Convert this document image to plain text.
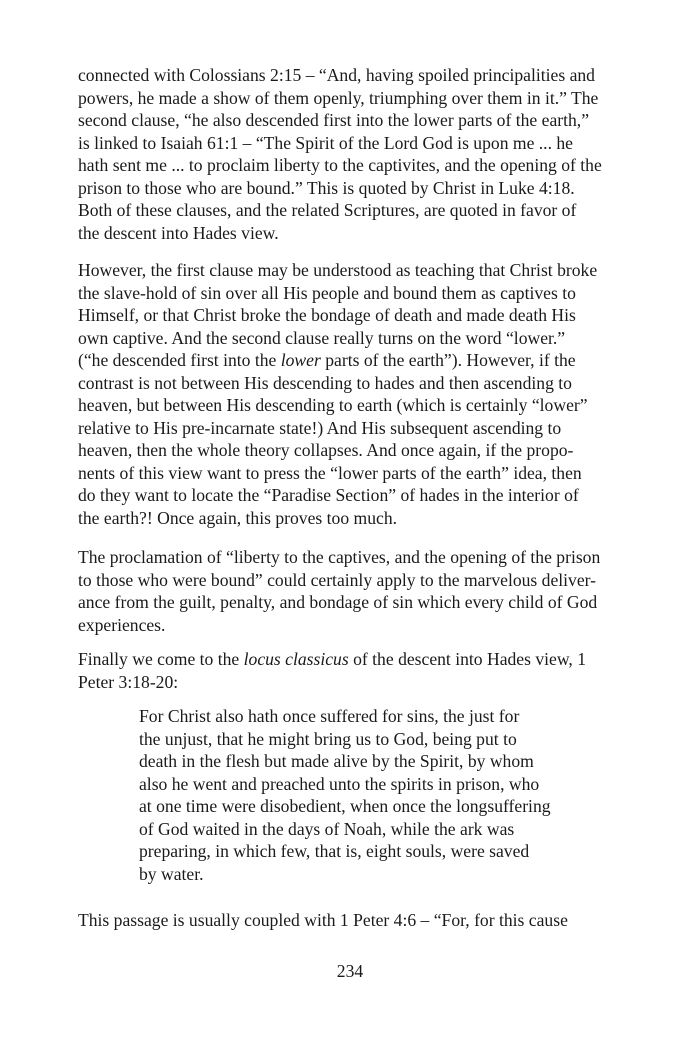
connected with Colossians 2:15 – “And, having spoiled principalities and
powers, he made a show of them openly, triumphing over them in it.” The
second clause, “he also descended first into the lower parts of the earth,”
is linked to Isaiah 61:1 – “The Spirit of the Lord God is upon me ... he
hath sent me ... to proclaim liberty to the captivites, and the opening of the
prison to those who are bound.” This is quoted by Christ in Luke 4:18.
Both of these clauses, and the related Scriptures, are quoted in favor of
the descent into Hades view.
However, the first clause may be understood as teaching that Christ broke
the slave-hold of sin over all His people and bound them as captives to
Himself, or that Christ broke the bondage of death and made death His
own captive. And the second clause really turns on the word “lower.”
(“he descended first into the lower parts of the earth”). However, if the
contrast is not between His descending to hades and then ascending to
heaven, but between His descending to earth (which is certainly “lower”
relative to His pre-incarnate state!) And His subsequent ascending to
heaven, then the whole theory collapses. And once again, if the propo-
nents of this view want to press the “lower parts of the earth” idea, then
do they want to locate the “Paradise Section” of hades in the interior of
the earth?! Once again, this proves too much.
The proclamation of “liberty to the captives, and the opening of the prison
to those who were bound” could certainly apply to the marvelous deliver-
ance from the guilt, penalty, and bondage of sin which every child of God
experiences.
Finally we come to the locus classicus of the descent into Hades view, 1
Peter 3:18-20:
For Christ also hath once suffered for sins, the just for
the unjust, that he might bring us to God, being put to
death in the flesh but made alive by the Spirit, by whom
also he went and preached unto the spirits in prison, who
at one time were disobedient, when once the longsuffering
of God waited in the days of Noah, while the ark was
preparing, in which few, that is, eight souls, were saved
by water.
This passage is usually coupled with 1 Peter 4:6 – “For, for this cause
234
